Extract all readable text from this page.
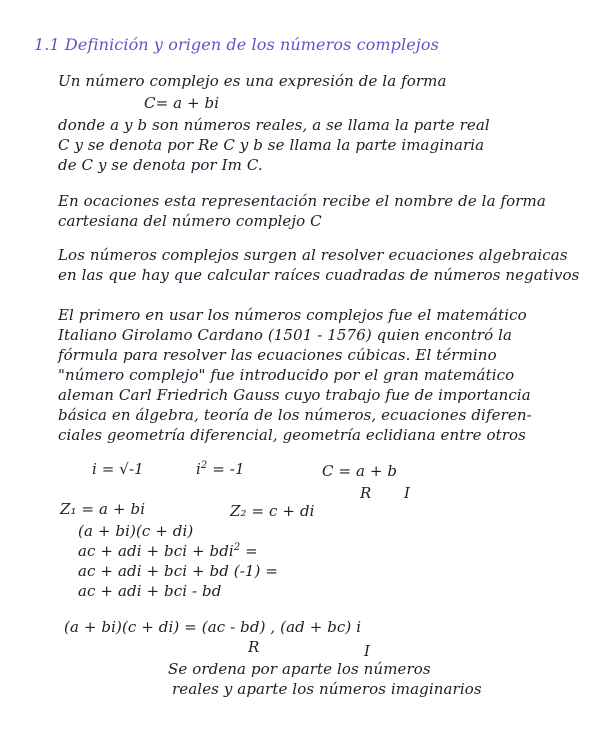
1.1 Definición y origen de los números complejos
Un número complejo es una expresión de la forma
C= a + bi
donde a y b son números reales, a se llama la parte real
C y se denota por Re C y b se llama la parte imaginaria
de C y se denota por Im C.
En ocaciones esta representación recibe el nombre de la forma
cartesiana del número complejo C
Los números complejos surgen al resolver ecuaciones algebraicas
en las que hay que calcular raíces cuadradas de números negativos
El primero en usar los números complejos fue el matemático
Italiano Girolamo Cardano (1501 - 1576) quien encontró la
fórmula para resolver las ecuaciones cúbicas. El término
"número complejo" fue introducido por el gran matemático
aleman Carl Friedrich Gauss cuyo trabajo fue de importancia
básica en álgebra, teoría de los números, ecuaciones diferen-
ciales geometría diferencial, geometría eclidiana entre otros
i = √-1	$i^2 = -1$	C = a + b
R I
Z₁ = a + bi	Z₂ = c + di
(a + bi)(c + di)
ac + adi + bci + bdi$^2$ =
ac + adi + bci + bd (-1) =
ac + adi + bci - bd
(a + bi)(c + di) = (ac - bd) , (ad + bc) i
R	I
Se ordena por aparte los números
reales y aparte los números imaginarios
